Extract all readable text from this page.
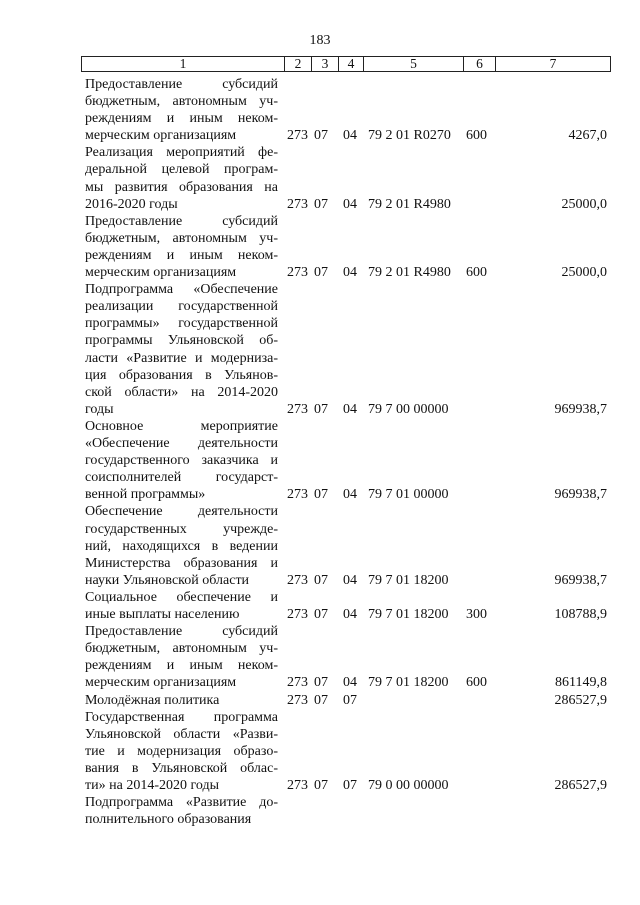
183
1	2	3	4	5	6	7
Предоставление субсидий
бюджетным, автономным уч-
реждениям и иным неком-
мерческим организациям	273 07 04 79 2 01 R0270 600	4267,0
Реализация мероприятий фе-
деральной целевой програм-
мы развития образования на
2016-2020 годы	273 07 04 79 2 01 R4980	25000,0
Предоставление субсидий
бюджетным, автономным уч-
реждениям и иным неком-
мерческим организациям	273 07 04 79 2 01 R4980 600	25000,0
Подпрограмма «Обеспечение
реализации государственной
программы» государственной
программы Ульяновской об-
ласти «Развитие и модерниза-
ция образования в Ульянов-
ской области» на 2014-2020
годы	273 07 04 79 7 00 00000	969938,7
Основное мероприятие
«Обеспечение деятельности
государственного заказчика и
соисполнителей государст-
венной программы»	273 07 04 79 7 01 00000	969938,7
Обеспечение деятельности
государственных учрежде-
ний, находящихся в ведении
Министерства образования и
науки Ульяновской области	273 07 04 79 7 01 18200	969938,7
Социальное обеспечение и
иные выплаты населению	273 07 04 79 7 01 18200 300	108788,9
Предоставление субсидий
бюджетным, автономным уч-
реждениям и иным неком-
мерческим организациям	273 07 04 79 7 01 18200 600	861149,8
Молодёжная политика	273 07 07	286527,9
Государственная программа
Ульяновской области «Разви-
тие и модернизация образо-
вания в Ульяновской облас-
ти» на 2014-2020 годы	273 07 07 79 0 00 00000	286527,9
Подпрограмма «Развитие до-
полнительного образования
